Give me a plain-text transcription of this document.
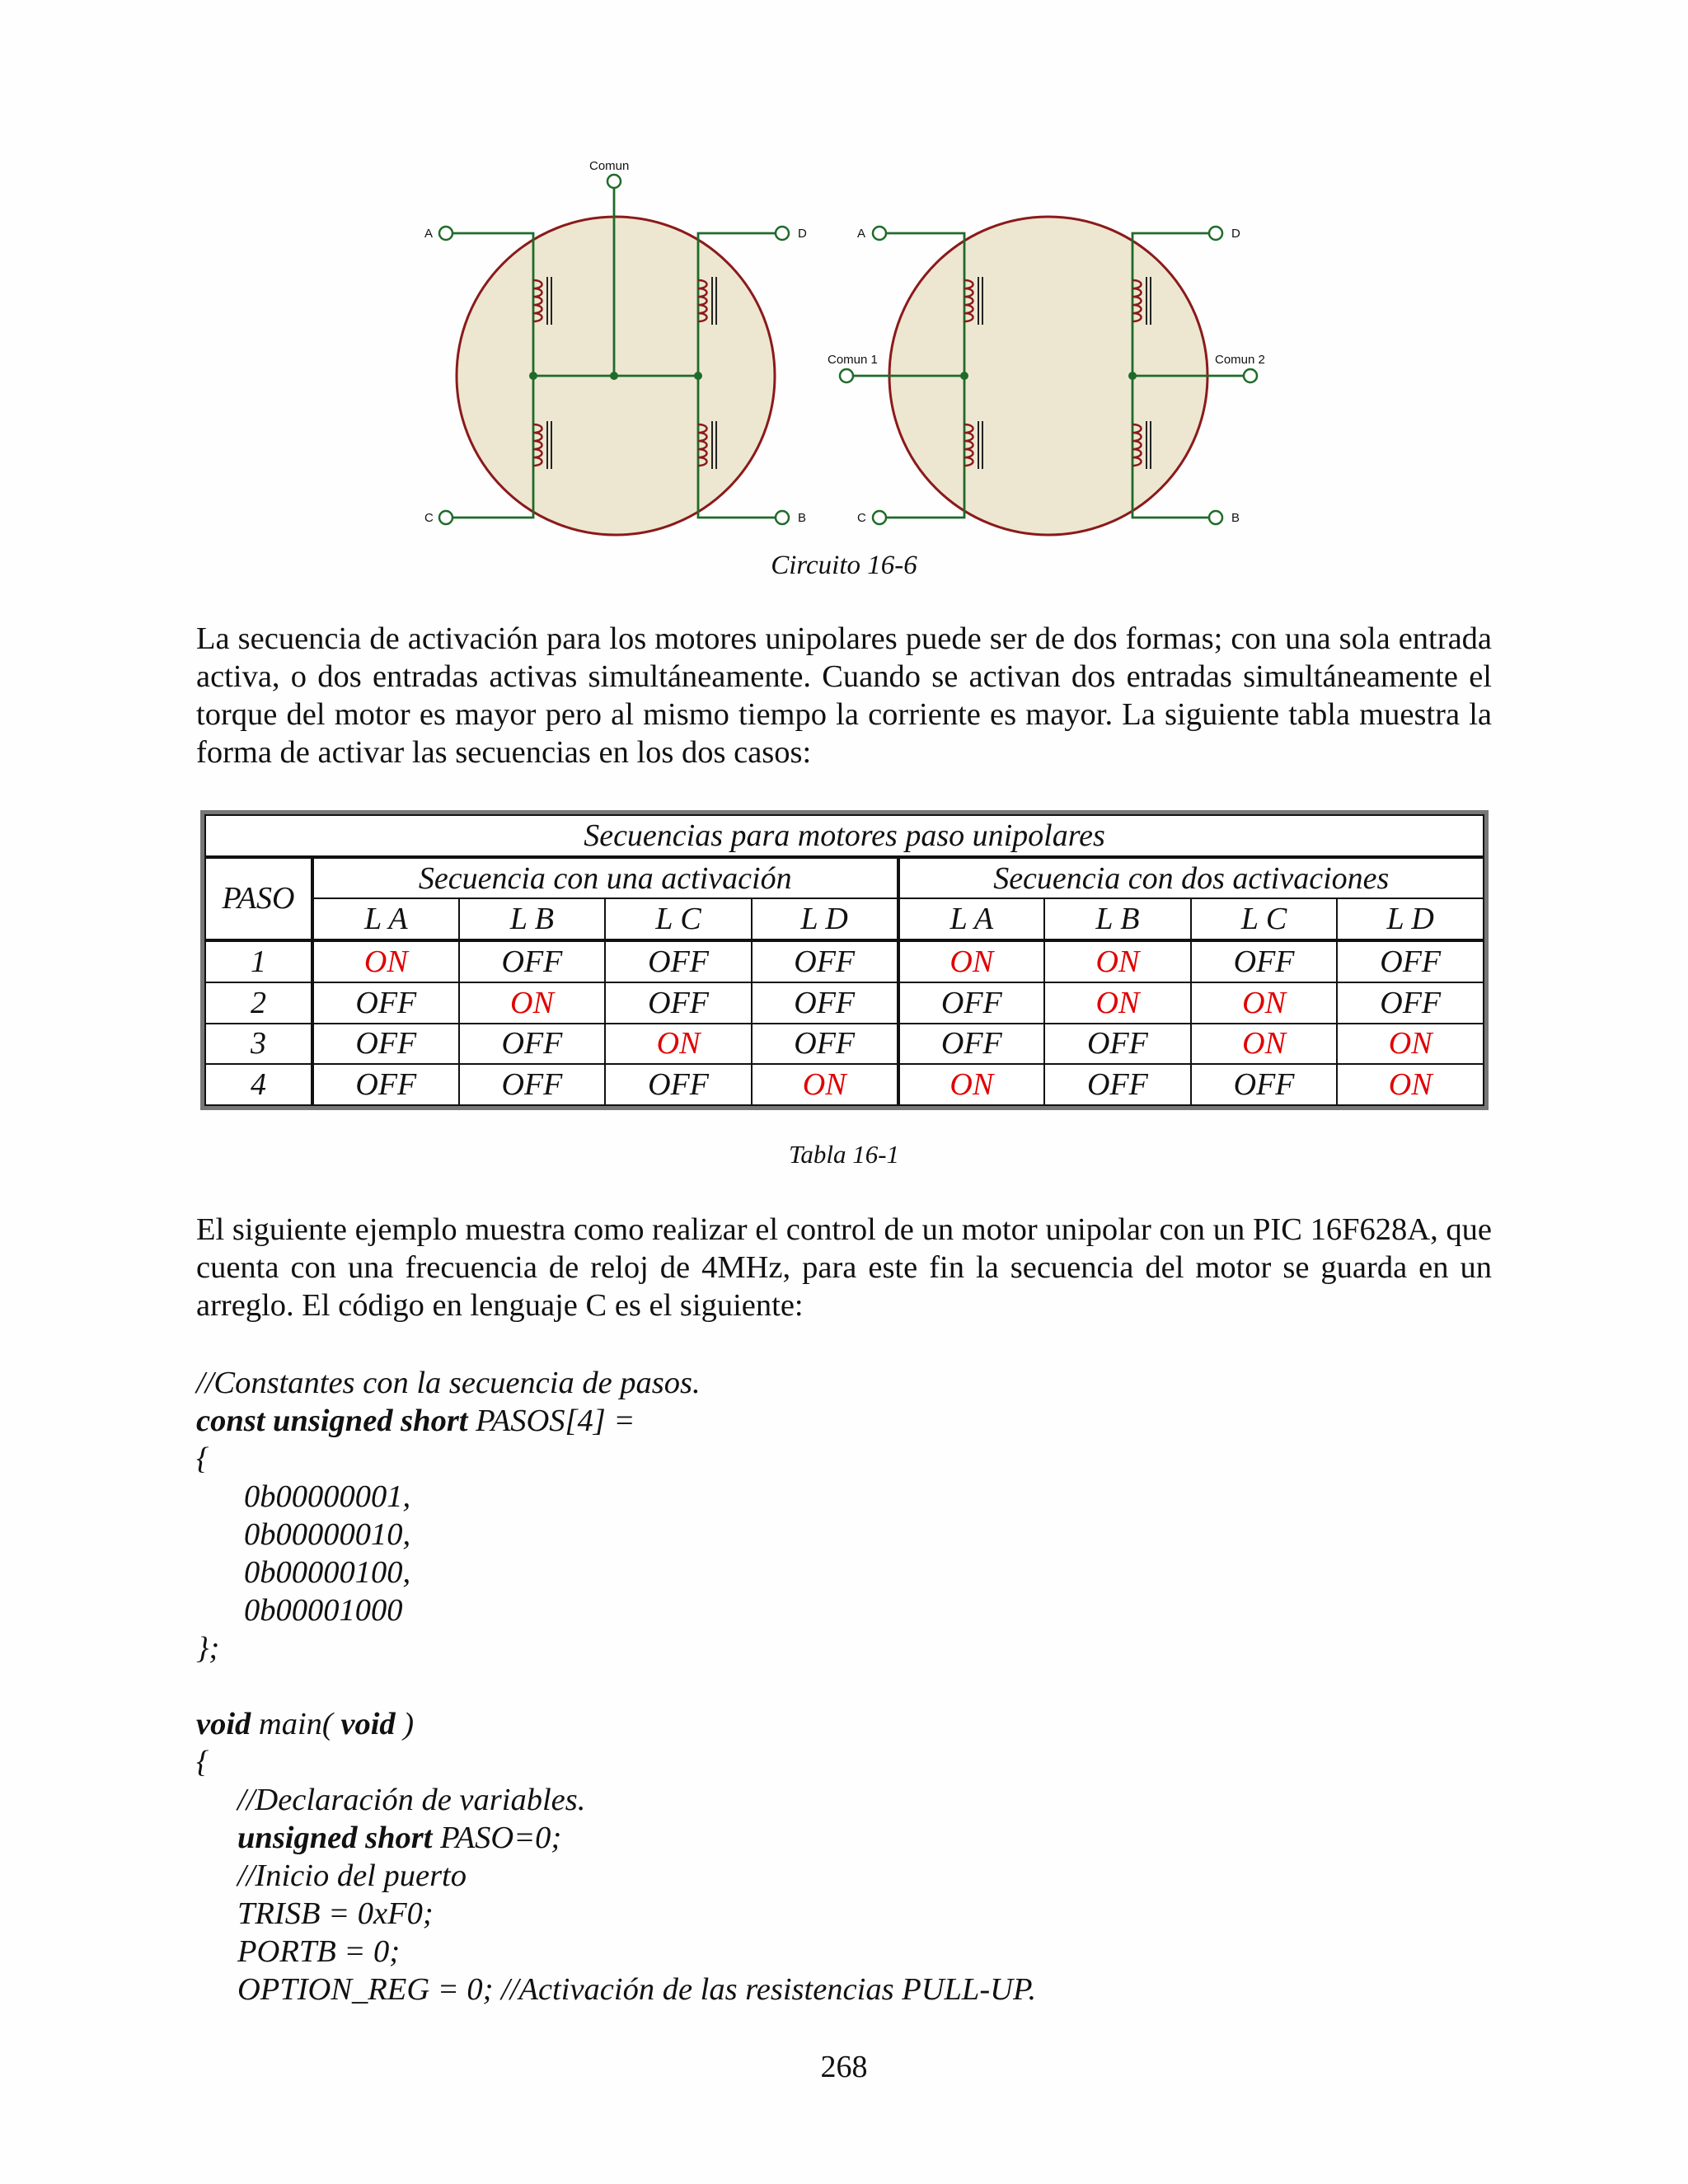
Comun
A
C
D
B
A
C
D
B
Comun 1	Comun 2
Circuito 16-6
La secuencia de activación para los motores unipolares puede ser de dos formas; con una sola entrada activa, o dos entradas activas simultáneamente. Cuando se activan dos entradas simultáneamente el torque del motor es mayor pero al mismo tiempo la corriente es mayor. La siguiente tabla muestra la forma de activar las secuencias en los dos casos:
Secuencias para motores paso unipolares								
PASO	Secuencia con una activación				Secuencia con dos activaciones			
	L A	L B	L C	L D	L A	L B	L C	L D
1	ON	OFF	OFF	OFF	ON	ON	OFF	OFF
2	OFF	ON	OFF	OFF	OFF	ON	ON	OFF
3	OFF	OFF	ON	OFF	OFF	OFF	ON	ON
4	OFF	OFF	OFF	ON	ON	OFF	OFF	ON
Tabla 16-1
El siguiente ejemplo muestra como realizar el control de un motor unipolar con un PIC 16F628A, que cuenta con una frecuencia de reloj de 4MHz, para este fin la secuencia del motor se guarda en un arreglo. El código en lenguaje C es el siguiente:
//Constantes con la secuencia de pasos.
const unsigned short PASOS[4] =
{
0b00000001,
0b00000010,
0b00000100,
0b00001000
};
void main( void )
{
//Declaración de variables.
unsigned short PASO=0;
//Inicio del puerto
TRISB = 0xF0;
PORTB = 0;
OPTION_REG = 0; //Activación de las resistencias PULL-UP.
268
